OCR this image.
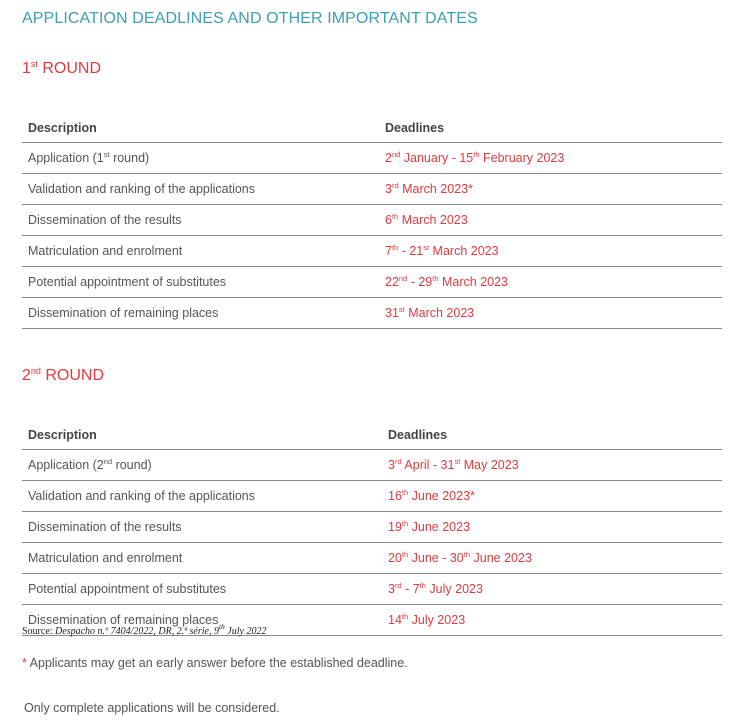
APPLICATION DEADLINES AND OTHER IMPORTANT DATES
1st ROUND
Description	Deadlines
Application (1st round)	2nd January - 15th February 2023
Validation and ranking of the applications	3rd March 2023*
Dissemination of the results	6th March 2023
Matriculation and enrolment	7th - 21st March 2023
Potential appointment of substitutes	22nd - 29th March 2023
Dissemination of remaining places	31st March 2023
2nd ROUND
Description	Deadlines
Application (2nd round)	3rd April - 31st May 2023
Validation and ranking of the applications	16th June 2023*
Dissemination of the results	19th June 2023
Matriculation and enrolment	20th June - 30th June 2023
Potential appointment of substitutes	3rd - 7th July 2023
Dissemination of remaining places	14th July 2023
Source: Despacho n.º 7404/2022, DR, 2.ª série, 9th July 2022
* Applicants may get an early answer before the established deadline.
Only complete applications will be considered.
